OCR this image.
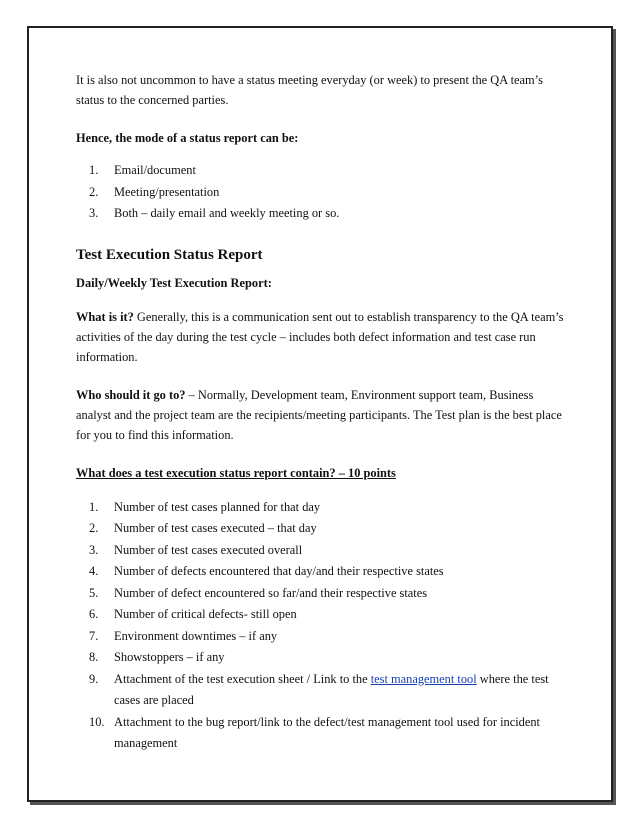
It is also not uncommon to have a status meeting everyday (or week) to present the QA team’s status to the concerned parties.

Hence, the mode of a status report can be:

1.	Email/document
2.	Meeting/presentation
3.	Both – daily email and weekly meeting or so.
Test Execution Status Report

Daily/Weekly Test Execution Report:

What is it? Generally, this is a communication sent out to establish transparency to the QA team’s activities of the day during the test cycle – includes both defect information and test case run information.

Who should it go to? – Normally, Development team, Environment support team, Business analyst and the project team are the recipients/meeting participants. The Test plan is the best place for you to find this information.

What does a test execution status report contain? – 10 points

1.	Number of test cases planned for that day
2.	Number of test cases executed – that day
3.	Number of test cases executed overall
4.	Number of defects encountered that day/and their respective states
5.	Number of defect encountered so far/and their respective states
6.	Number of critical defects- still open
7.	Environment downtimes – if any
8.	Showstoppers – if any
9.	Attachment of the test execution sheet / Link to the test management tool where the test cases are placed
10. Attachment to the bug report/link to the defect/test management tool used for incident management
